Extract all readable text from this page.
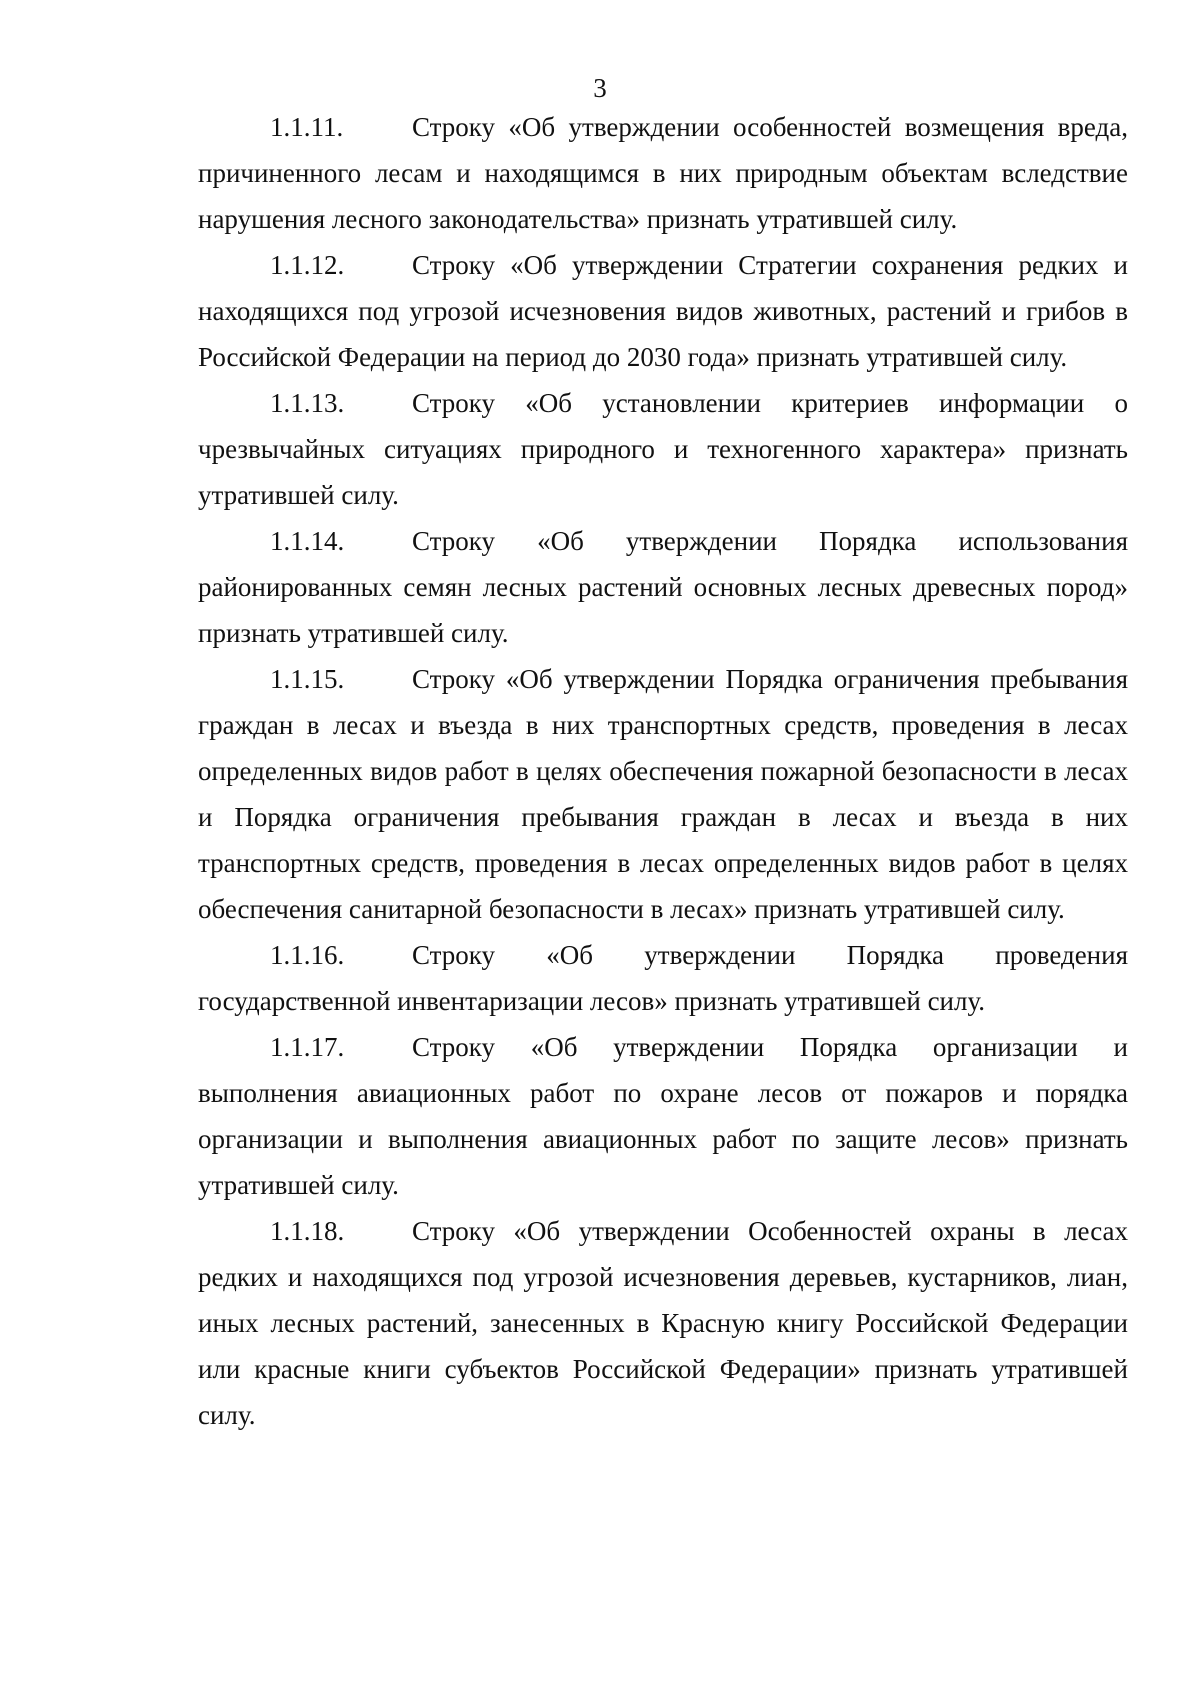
3

1.1.11.	Строку «Об утверждении особенностей возмещения вреда, причиненного лесам и находящимся в них природным объектам вследствие нарушения лесного законодательства» признать утратившей силу.

1.1.12.	Строку «Об утверждении Стратегии сохранения редких и находящихся под угрозой исчезновения видов животных, растений и грибов в Российской Федерации на период до 2030 года» признать утратившей силу.

1.1.13.	Строку «Об установлении критериев информации о чрезвычайных ситуациях природного и техногенного характера» признать утратившей силу.

1.1.14.	Строку «Об утверждении Порядка использования районированных семян лесных растений основных лесных древесных пород» признать утратившей силу.

1.1.15.	Строку «Об утверждении Порядка ограничения пребывания граждан в лесах и въезда в них транспортных средств, проведения в лесах определенных видов работ в целях обеспечения пожарной безопасности в лесах и Порядка ограничения пребывания граждан в лесах и въезда в них транспортных средств, проведения в лесах определенных видов работ в целях обеспечения санитарной безопасности в лесах» признать утратившей силу.

1.1.16.	Строку «Об утверждении Порядка проведения государственной инвентаризации лесов» признать утратившей силу.

1.1.17.	Строку «Об утверждении Порядка организации и выполнения авиационных работ по охране лесов от пожаров и порядка организации и выполнения авиационных работ по защите лесов» признать утратившей силу.

1.1.18.	Строку «Об утверждении Особенностей охраны в лесах редких и находящихся под угрозой исчезновения деревьев, кустарников, лиан, иных лесных растений, занесенных в Красную книгу Российской Федерации или красные книги субъектов Российской Федерации» признать утратившей силу.
